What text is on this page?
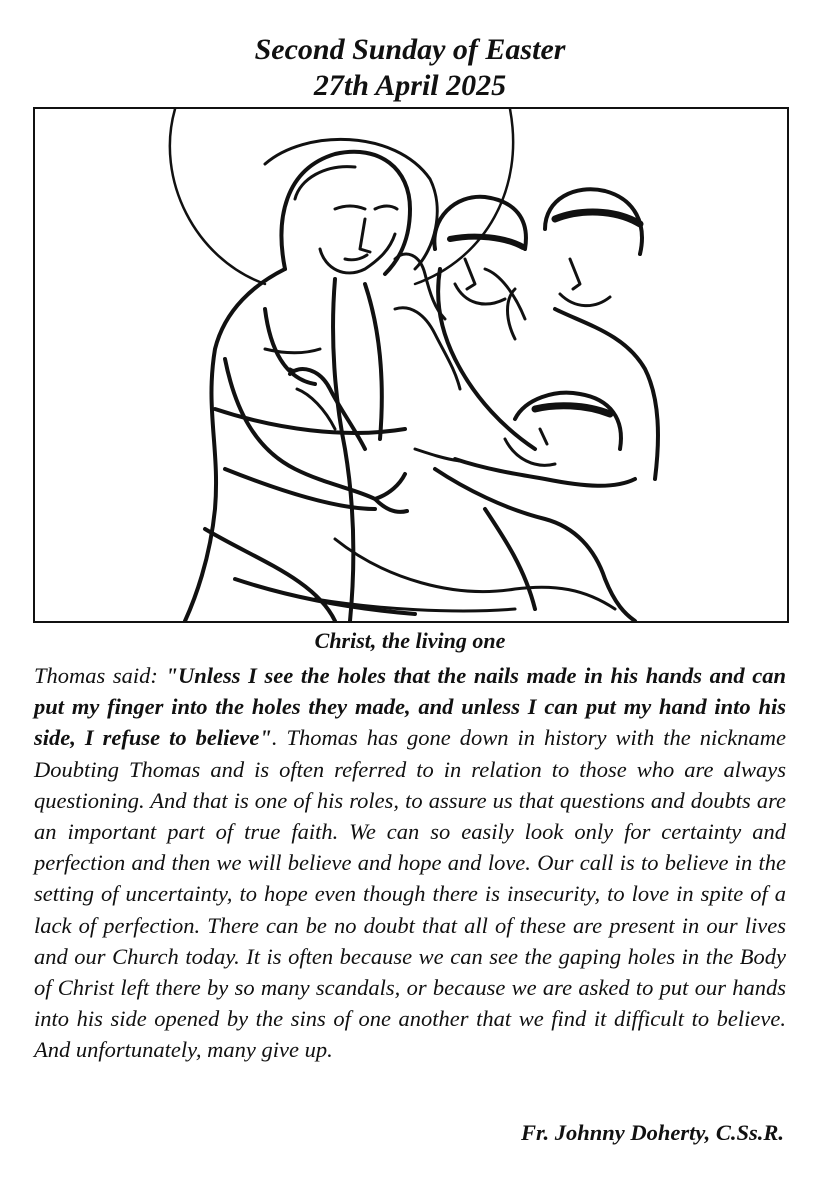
Second Sunday of Easter
27th April 2025
Christ, the living one
Thomas said: "Unless I see the holes that the nails made in his hands and can put my finger into the holes they made, and unless I can put my hand into his side, I refuse to believe". Thomas has gone down in history with the nickname Doubting Thomas and is often referred to in relation to those who are always questioning. And that is one of his roles, to assure us that questions and doubts are an important part of true faith. We can so easily look only for certainty and perfection and then we will believe and hope and love. Our call is to believe in the setting of uncertainty, to hope even though there is insecurity, to love in spite of a lack of perfection. There can be no doubt that all of these are present in our lives and our Church today. It is often because we can see the gaping holes in the Body of Christ left there by so many scandals, or because we are asked to put our hands into his side opened by the sins of one another that we find it difficult to believe. And unfortunately, many give up.
Fr. Johnny Doherty, C.Ss.R.
